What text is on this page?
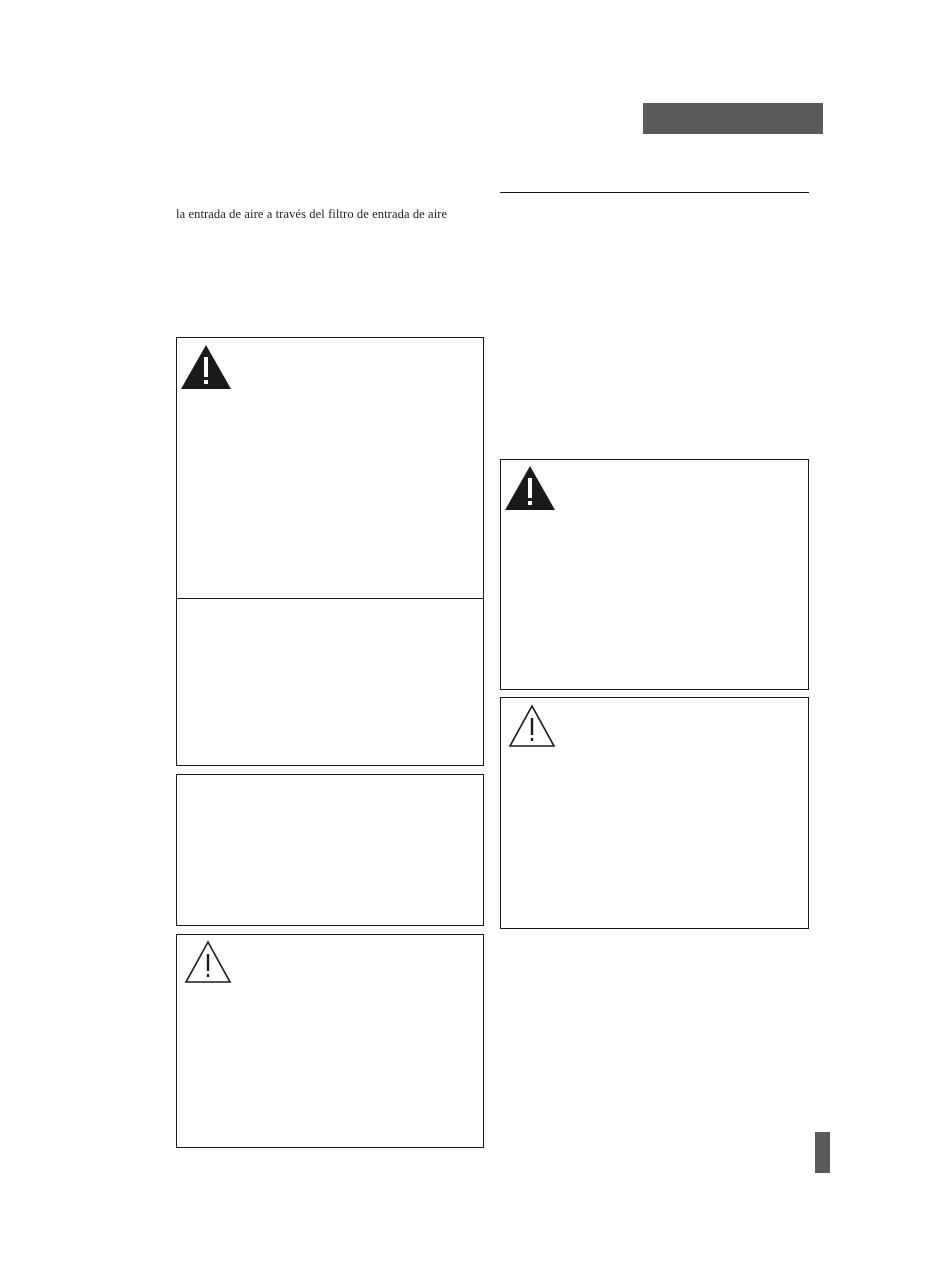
la entrada de aire a través del filtro de entrada de aire
